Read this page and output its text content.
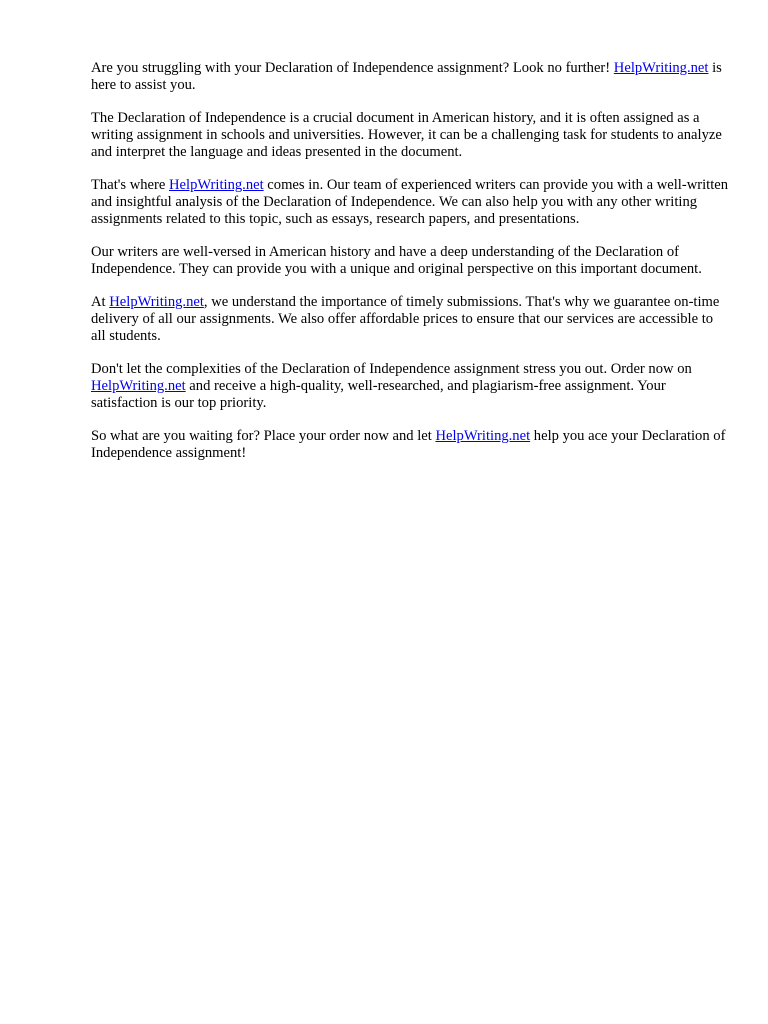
Are you struggling with your Declaration of Independence assignment? Look no further! HelpWriting.net is here to assist you.

The Declaration of Independence is a crucial document in American history, and it is often assigned as a writing assignment in schools and universities. However, it can be a challenging task for students to analyze and interpret the language and ideas presented in the document.

That's where HelpWriting.net comes in. Our team of experienced writers can provide you with a well-written and insightful analysis of the Declaration of Independence. We can also help you with any other writing assignments related to this topic, such as essays, research papers, and presentations.

Our writers are well-versed in American history and have a deep understanding of the Declaration of Independence. They can provide you with a unique and original perspective on this important document.

At HelpWriting.net, we understand the importance of timely submissions. That's why we guarantee on-time delivery of all our assignments. We also offer affordable prices to ensure that our services are accessible to all students.

Don't let the complexities of the Declaration of Independence assignment stress you out. Order now on HelpWriting.net and receive a high-quality, well-researched, and plagiarism-free assignment. Your satisfaction is our top priority.

So what are you waiting for? Place your order now and let HelpWriting.net help you ace your Declaration of Independence assignment!
